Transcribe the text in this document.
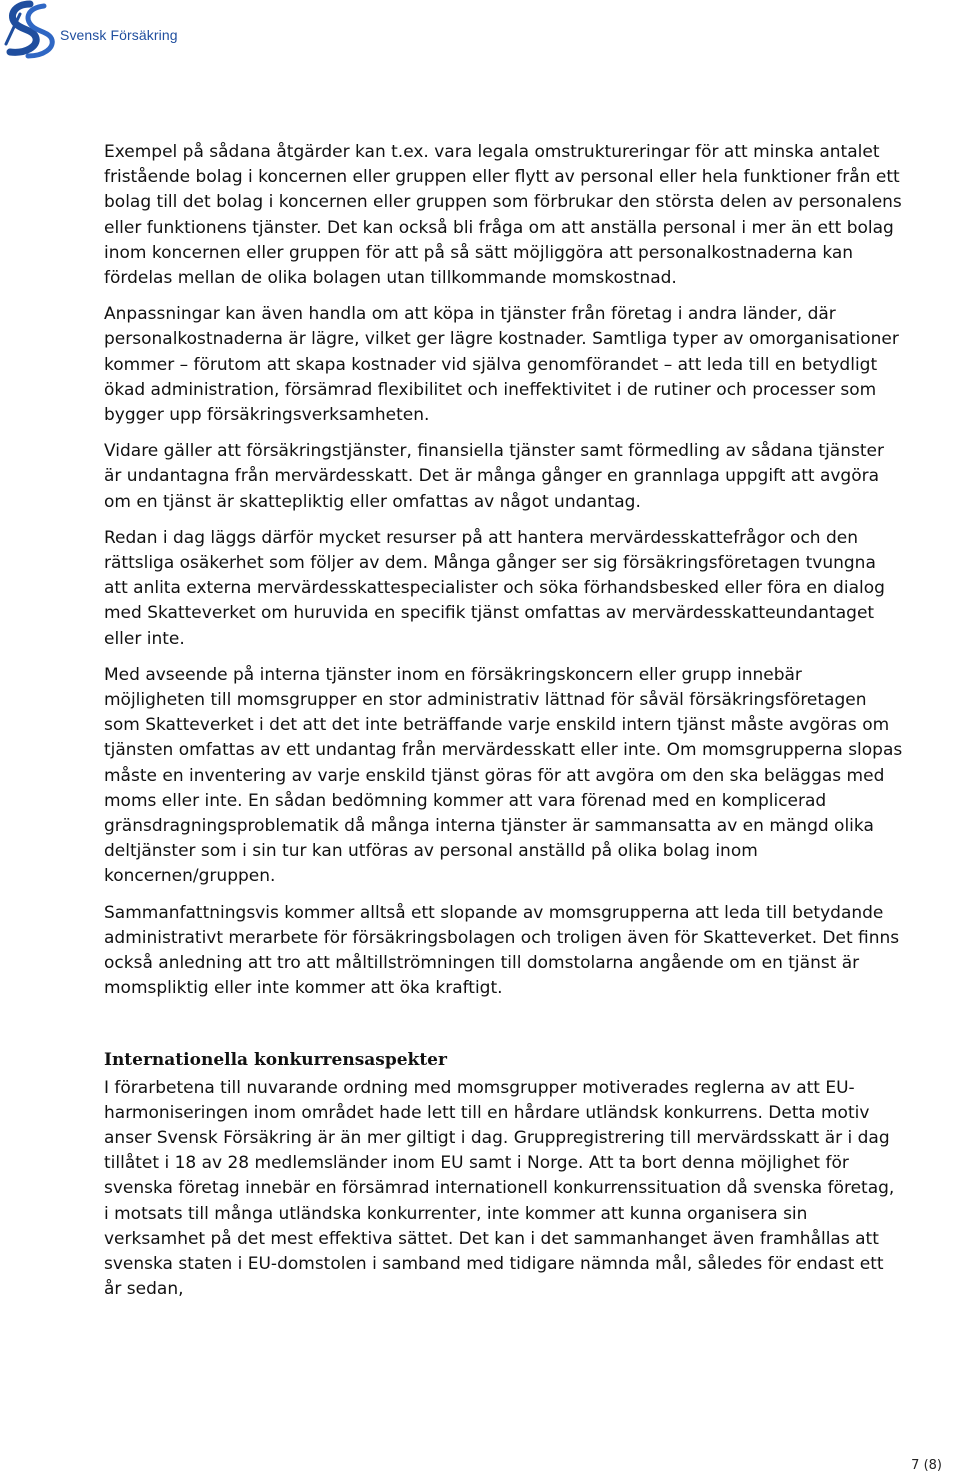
Svensk Försäkring

Exempel på sådana åtgärder kan t.ex. vara legala omstruktureringar för att minska antalet fristående bolag i koncernen eller gruppen eller flytt av personal eller hela funktioner från ett bolag till det bolag i koncernen eller gruppen som förbrukar den största delen av personalens eller funktionens tjänster. Det kan också bli fråga om att anställa personal i mer än ett bolag inom koncernen eller gruppen för att på så sätt möjliggöra att personalkostnaderna kan fördelas mellan de olika bolagen utan tillkommande momskostnad.

Anpassningar kan även handla om att köpa in tjänster från företag i andra länder, där personalkostnaderna är lägre, vilket ger lägre kostnader. Samtliga typer av omorganisationer kommer – förutom att skapa kostnader vid själva genomförandet – att leda till en betydligt ökad administration, försämrad flexibilitet och ineffektivitet i de rutiner och processer som bygger upp försäkringsverksamheten.

Vidare gäller att försäkringstjänster, finansiella tjänster samt förmedling av sådana tjänster är undantagna från mervärdesskatt. Det är många gånger en grannlaga uppgift att avgöra om en tjänst är skattepliktig eller omfattas av något undantag.

Redan i dag läggs därför mycket resurser på att hantera mervärdesskattefrågor och den rättsliga osäkerhet som följer av dem. Många gånger ser sig försäkringsföretagen tvungna att anlita externa mervärdesskattespecialister och söka förhandsbesked eller föra en dialog med Skatteverket om huruvida en specifik tjänst omfattas av mervärdesskatteundantaget eller inte.

Med avseende på interna tjänster inom en försäkringskoncern eller grupp innebär möjligheten till momsgrupper en stor administrativ lättnad för såväl försäkringsföretagen som Skatteverket i det att det inte beträffande varje enskild intern tjänst måste avgöras om tjänsten omfattas av ett undantag från mervärdesskatt eller inte. Om momsgrupperna slopas måste en inventering av varje enskild tjänst göras för att avgöra om den ska beläggas med moms eller inte. En sådan bedömning kommer att vara förenad med en komplicerad gränsdragningsproblematik då många interna tjänster är sammansatta av en mängd olika deltjänster som i sin tur kan utföras av personal anställd på olika bolag inom koncernen/gruppen.

Sammanfattningsvis kommer alltså ett slopande av momsgrupperna att leda till betydande administrativt merarbete för försäkringsbolagen och troligen även för Skatteverket. Det finns också anledning att tro att måltillströmningen till domstolarna angående om en tjänst är momspliktig eller inte kommer att öka kraftigt.

Internationella konkurrensaspekter

I förarbetena till nuvarande ordning med momsgrupper motiverades reglerna av att EU-harmoniseringen inom området hade lett till en hårdare utländsk konkurrens. Detta motiv anser Svensk Försäkring är än mer giltigt i dag. Gruppregistrering till mervärdsskatt är i dag tillåtet i 18 av 28 medlemsländer inom EU samt i Norge. Att ta bort denna möjlighet för svenska företag innebär en försämrad internationell konkurrenssituation då svenska företag, i motsats till många utländska konkurrenter, inte kommer att kunna organisera sin verksamhet på det mest effektiva sättet. Det kan i det sammanhanget även framhållas att svenska staten i EU-domstolen i samband med tidigare nämnda mål, således för endast ett år sedan,

7 (8)
